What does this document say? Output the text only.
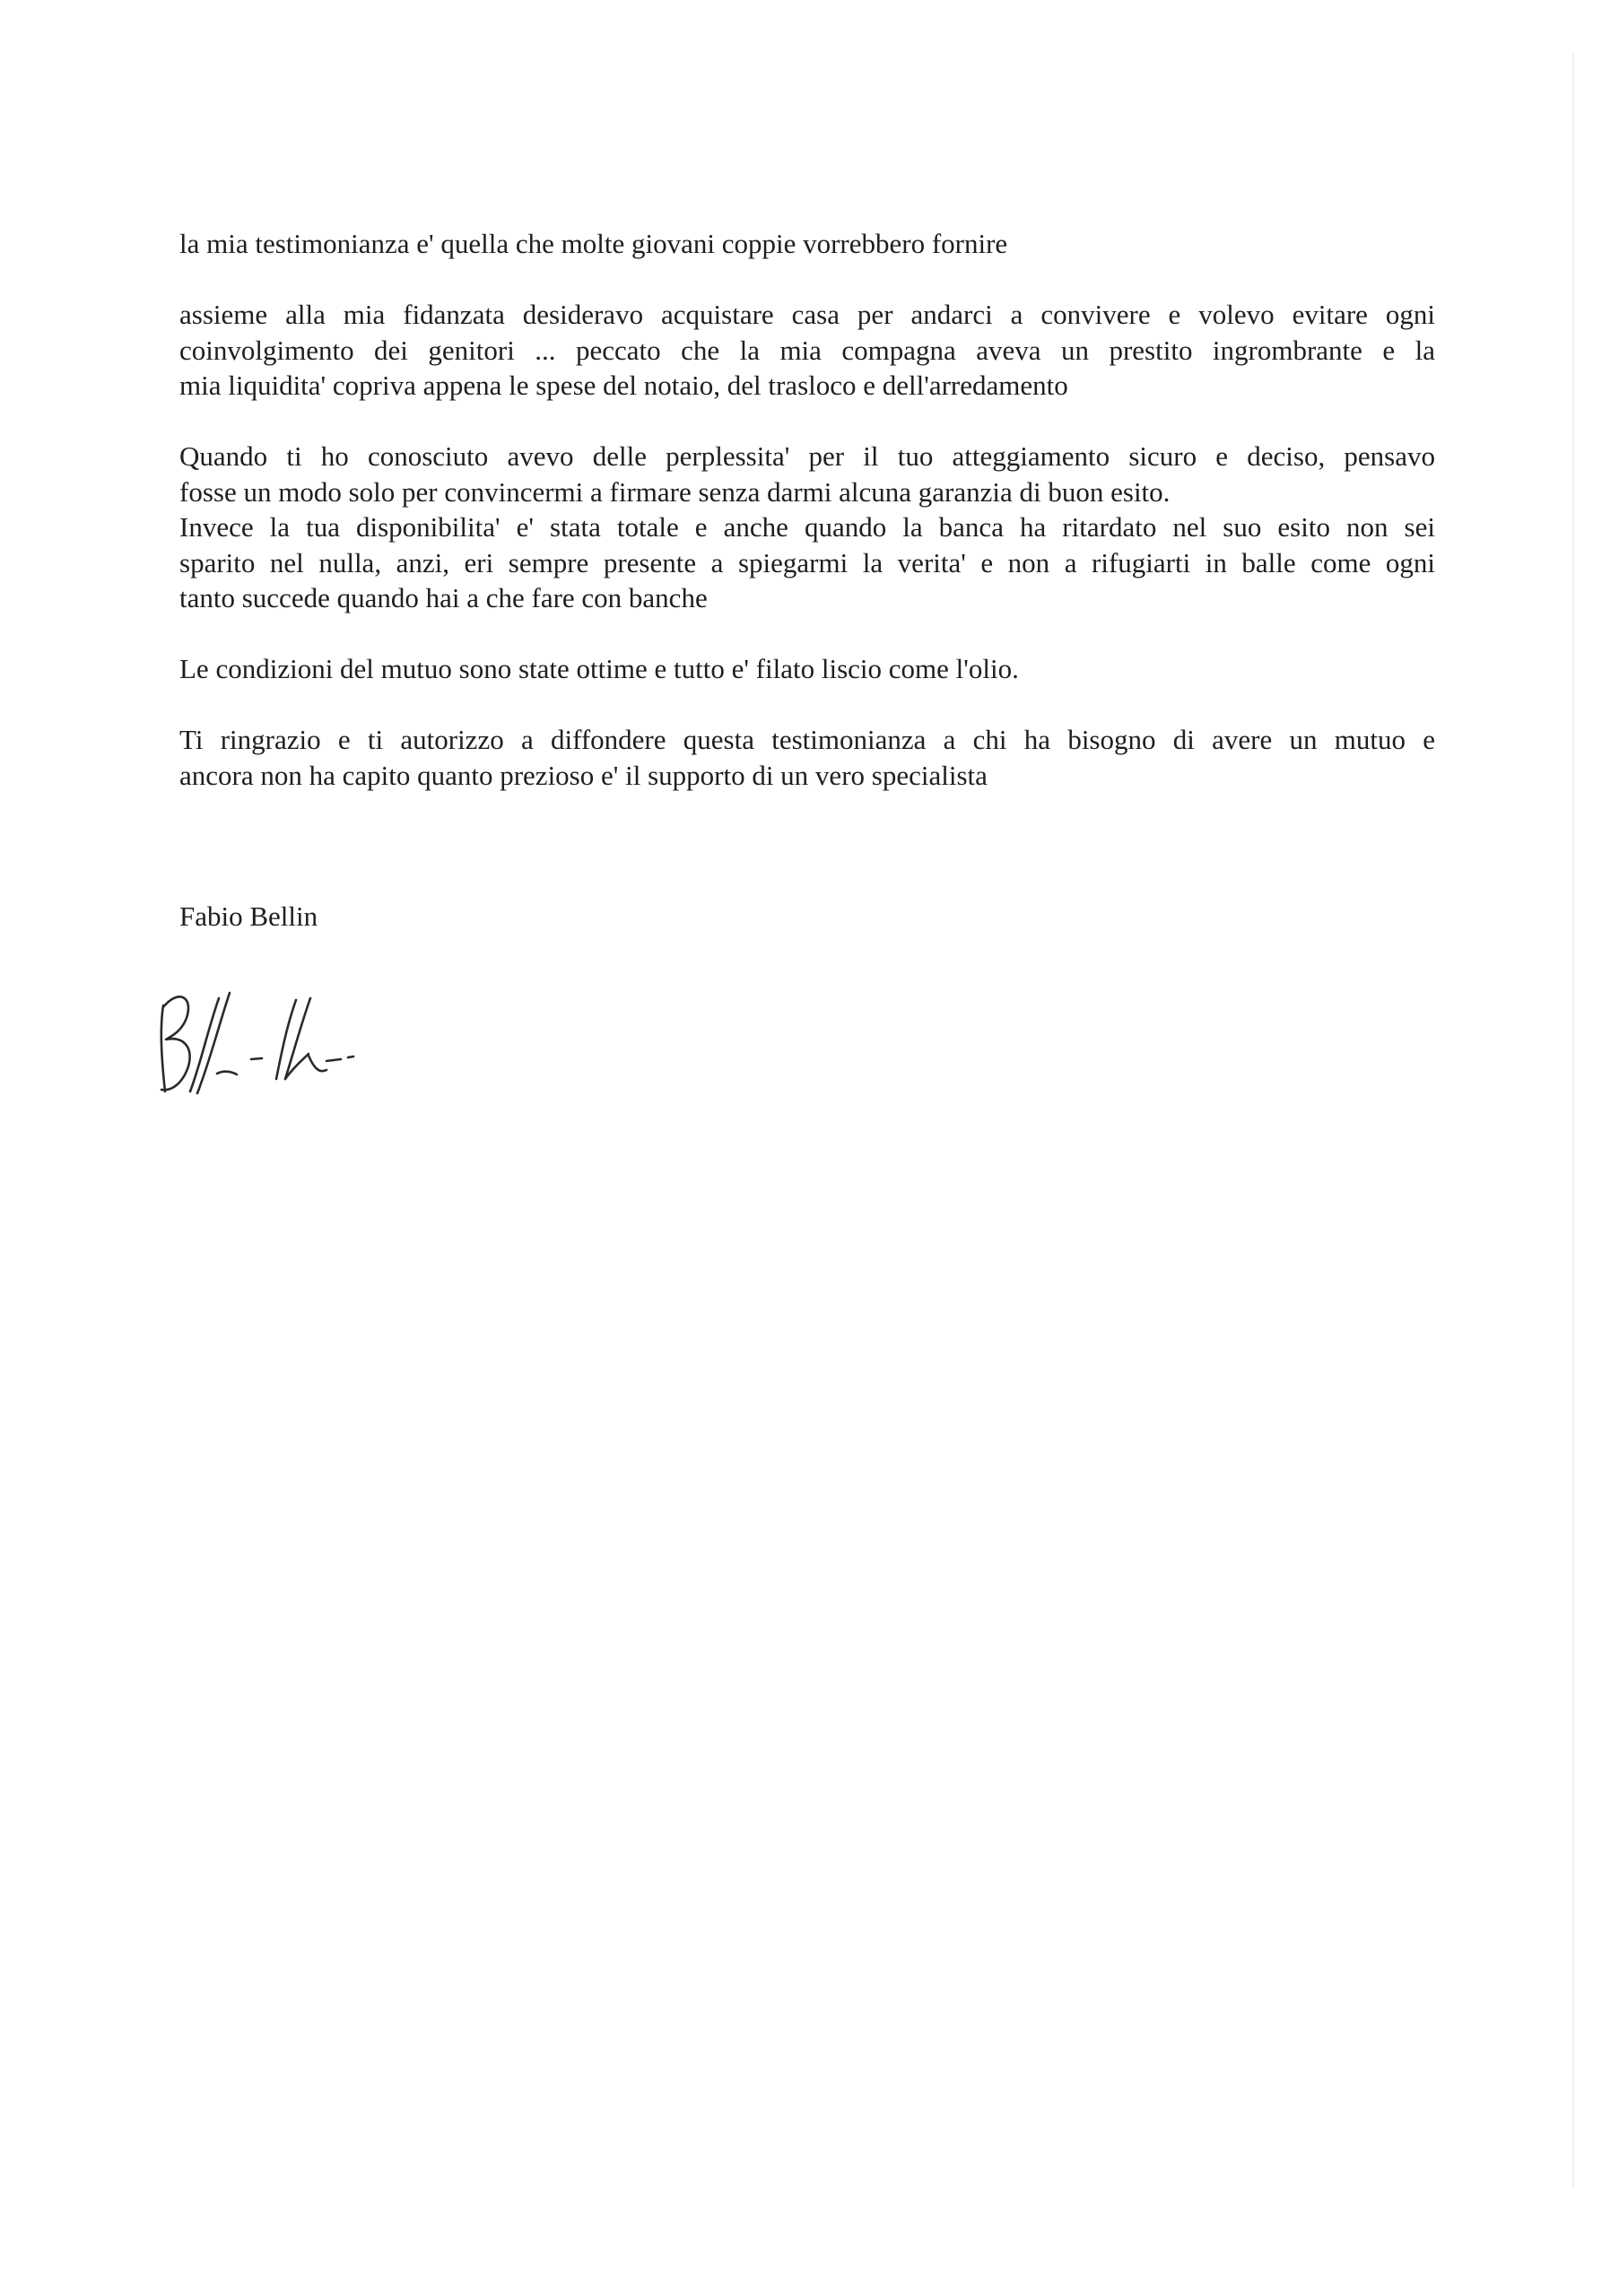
la mia testimonianza e' quella che molte giovani coppie vorrebbero fornire

assieme alla mia fidanzata desideravo acquistare casa per andarci a convivere e volevo evitare ogni
coinvolgimento dei genitori ... peccato che la mia compagna aveva un prestito ingrombrante e la
mia liquidita' copriva appena le spese del notaio, del trasloco e dell'arredamento

Quando ti ho conosciuto avevo delle perplessita' per il tuo atteggiamento sicuro e deciso, pensavo
fosse un modo solo per convincermi a firmare senza darmi alcuna garanzia di buon esito.
Invece la tua disponibilita' e' stata totale e anche quando la banca ha ritardato nel suo esito non sei
sparito nel nulla, anzi, eri sempre presente a spiegarmi la verita' e non a rifugiarti in balle come ogni
tanto succede quando hai a che fare con banche

Le condizioni del mutuo sono state ottime e tutto e' filato liscio come l'olio.

Ti ringrazio e ti autorizzo a diffondere questa testimonianza a chi ha bisogno di avere un mutuo e
ancora non ha capito quanto prezioso e' il supporto di un vero specialista

Fabio Bellin
